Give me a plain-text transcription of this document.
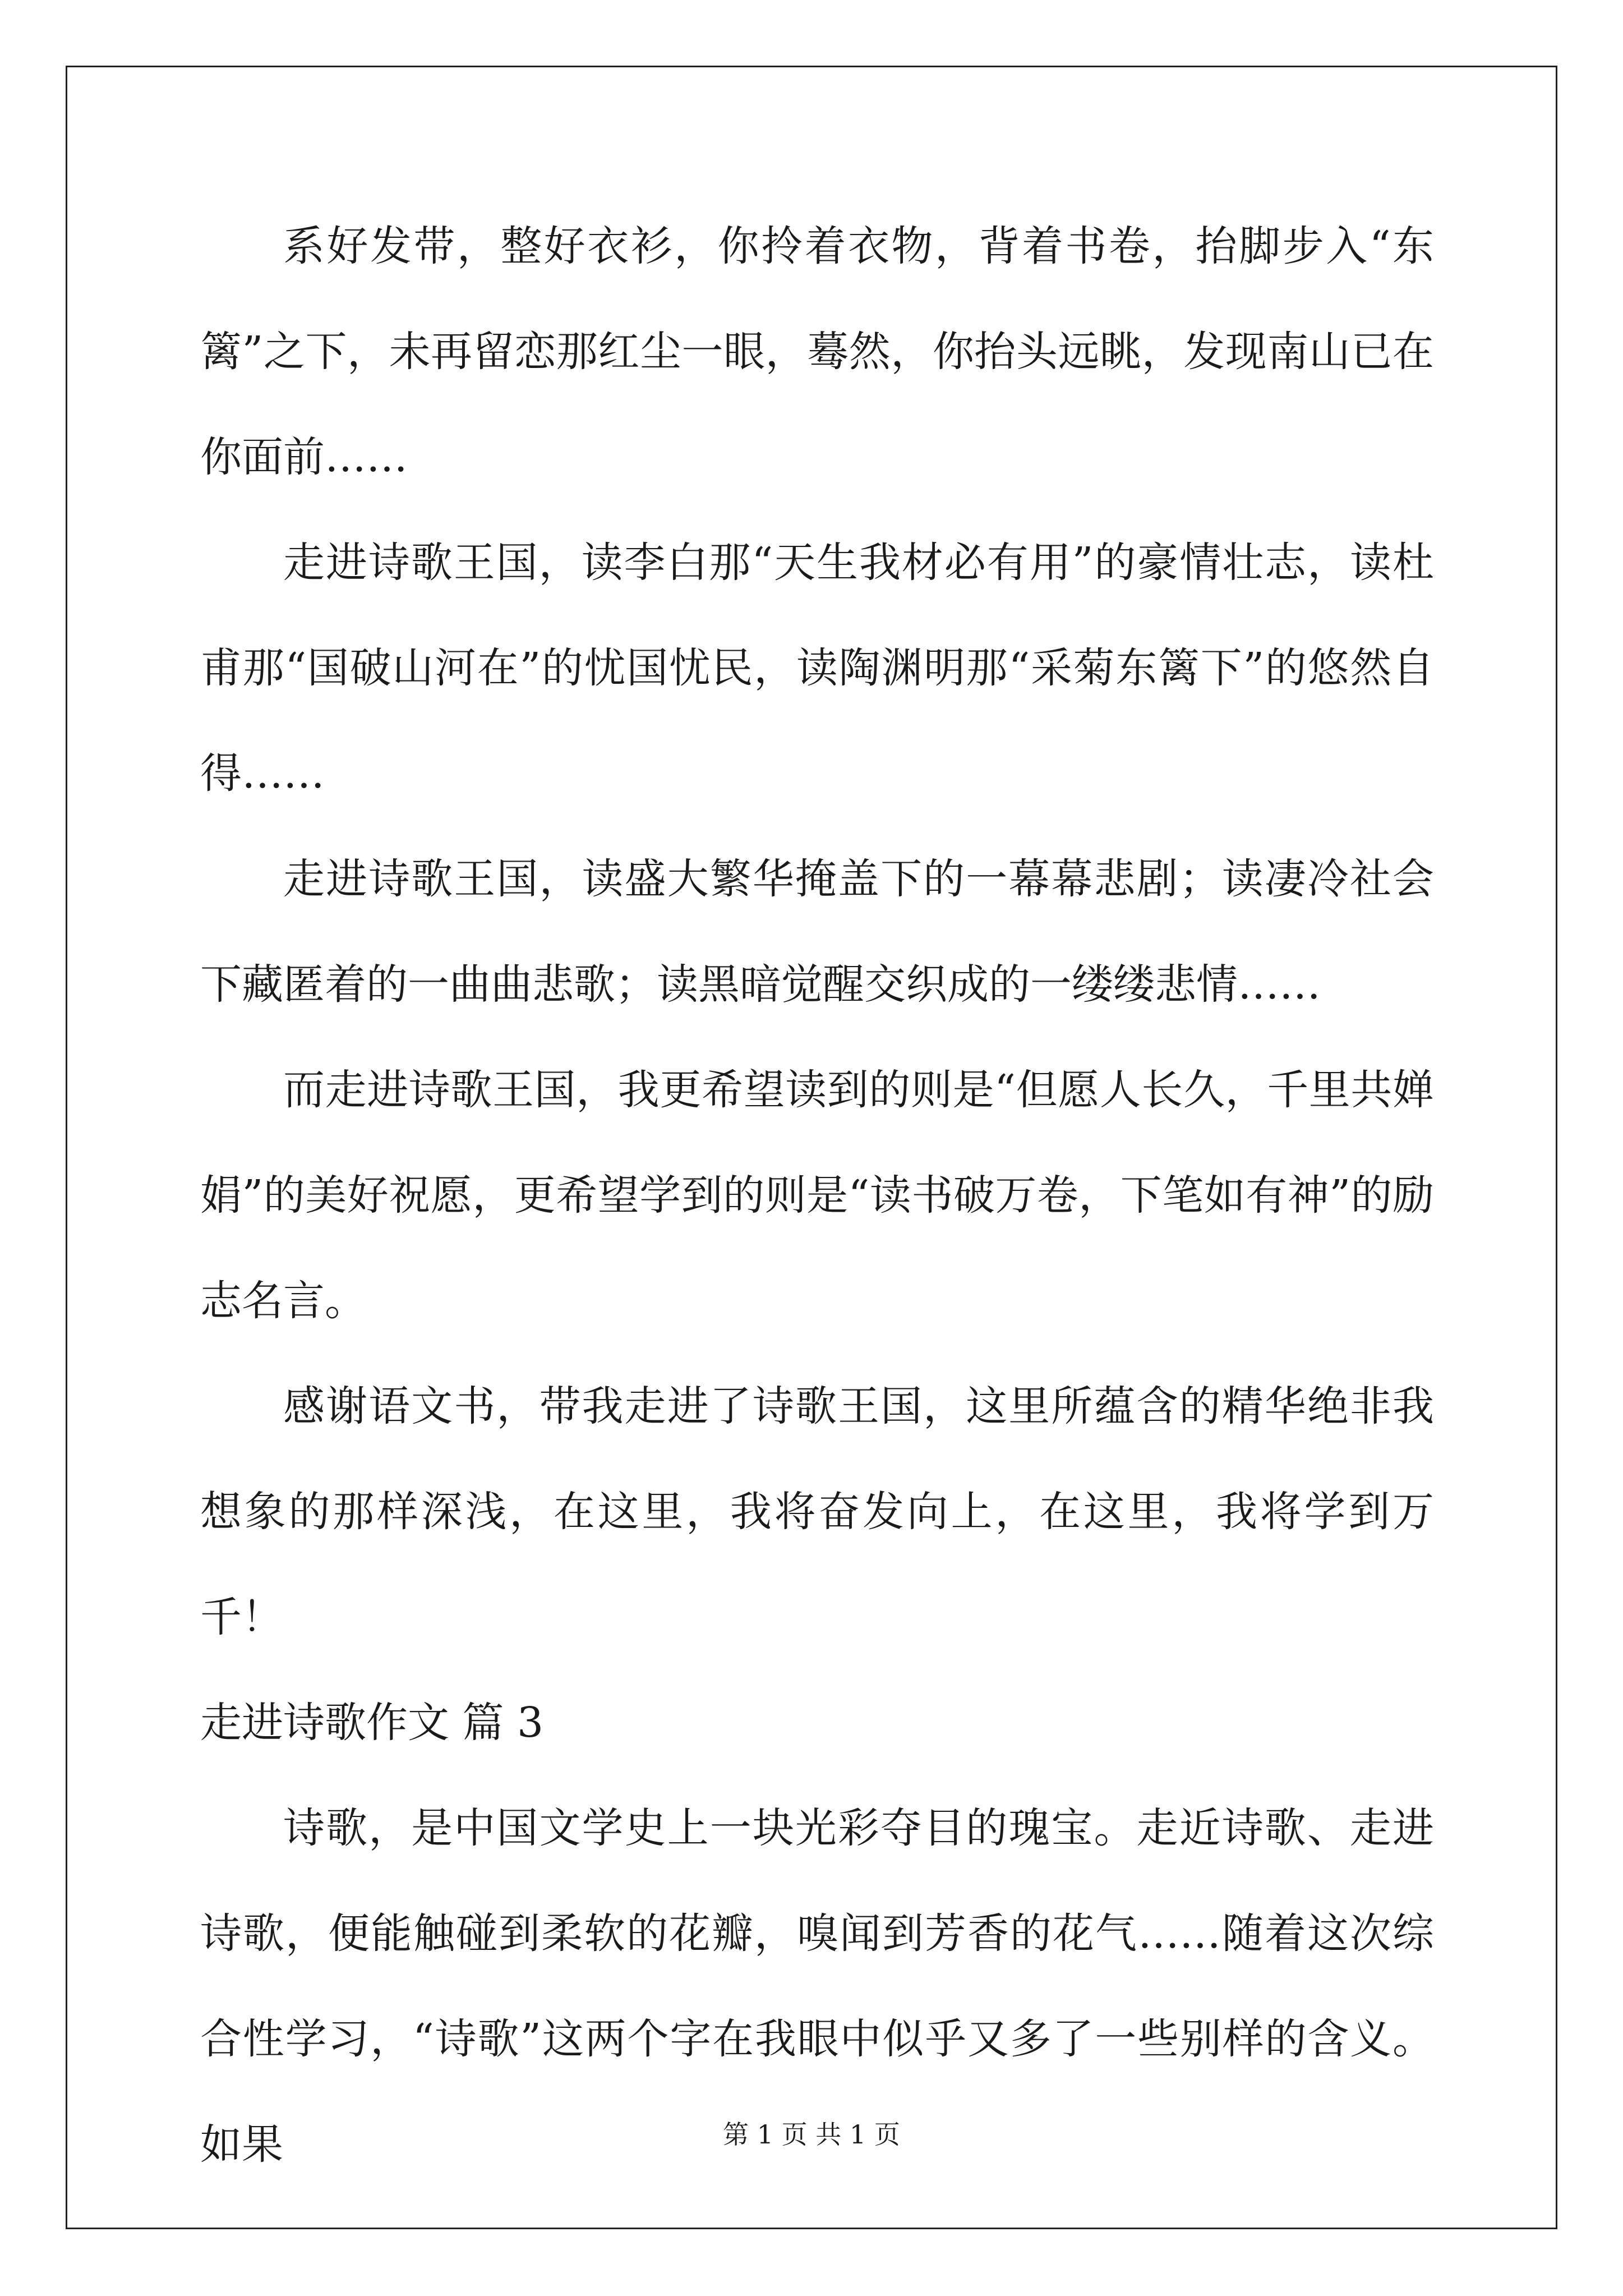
系好发带，整好衣衫，你拎着衣物，背着书卷，抬脚步入“东篱”之下，未再留恋那红尘一眼，蓦然，你抬头远眺，发现南山已在你面前……

走进诗歌王国，读李白那“天生我材必有用”的豪情壮志，读杜甫那“国破山河在”的忧国忧民，读陶渊明那“采菊东篱下”的悠然自得……

走进诗歌王国，读盛大繁华掩盖下的一幕幕悲剧；读凄冷社会下藏匿着的一曲曲悲歌；读黑暗觉醒交织成的一缕缕悲情……

而走进诗歌王国，我更希望读到的则是“但愿人长久，千里共婵娟”的美好祝愿，更希望学到的则是“读书破万卷，下笔如有神”的励志名言。

感谢语文书，带我走进了诗歌王国，这里所蕴含的精华绝非我想象的那样深浅，在这里，我将奋发向上，在这里，我将学到万千！

走进诗歌作文 篇 3

诗歌，是中国文学史上一块光彩夺目的瑰宝。走近诗歌、走进诗歌，便能触碰到柔软的花瓣，嗅闻到芳香的花气……随着这次综合性学习，“诗歌”这两个字在我眼中似乎又多了一些别样的含义。如果	第 1 页 共 1 页
